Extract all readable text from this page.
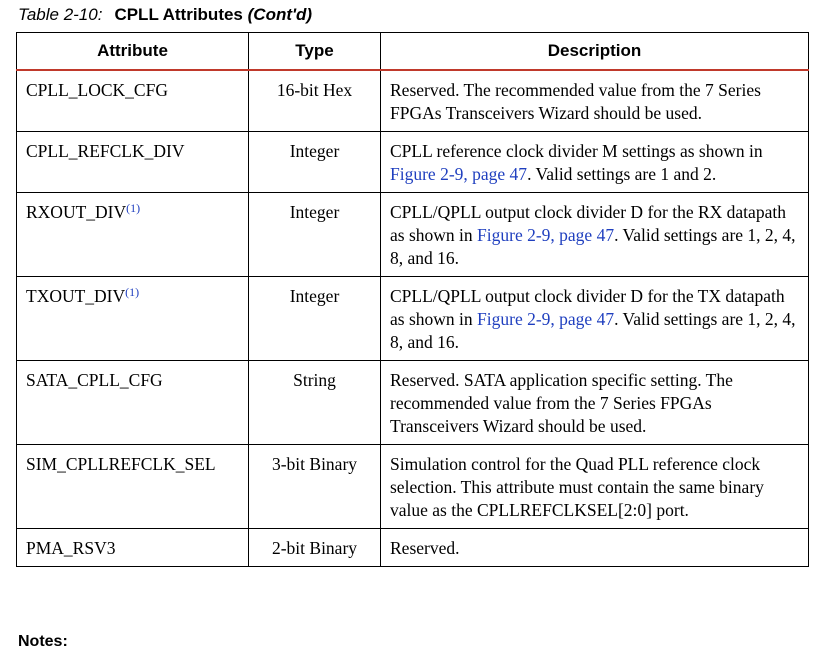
Table 2-10: CPLL Attributes (Cont'd)
Attribute	Type	Description
CPLL_LOCK_CFG	16-bit Hex	Reserved. The recommended value from the 7 Series FPGAs Transceivers Wizard should be used.
CPLL_REFCLK_DIV	Integer	CPLL reference clock divider M settings as shown in Figure 2-9, page 47. Valid settings are 1 and 2.
RXOUT_DIV$^{(1)}$	Integer	CPLL/QPLL output clock divider D for the RX datapath as shown in Figure 2-9, page 47. Valid settings are 1, 2, 4, 8, and 16.
TXOUT_DIV$^{(1)}$	Integer	CPLL/QPLL output clock divider D for the TX datapath as shown in Figure 2-9, page 47. Valid settings are 1, 2, 4, 8, and 16.
SATA_CPLL_CFG	String	Reserved. SATA application specific setting. The recommended value from the 7 Series FPGAs Transceivers Wizard should be used.
SIM_CPLLREFCLK_SEL	3-bit Binary	Simulation control for the Quad PLL reference clock selection. This attribute must contain the same binary value as the CPLLREFCLKSEL[2:0] port.
PMA_RSV3	2-bit Binary	Reserved.
Notes:
